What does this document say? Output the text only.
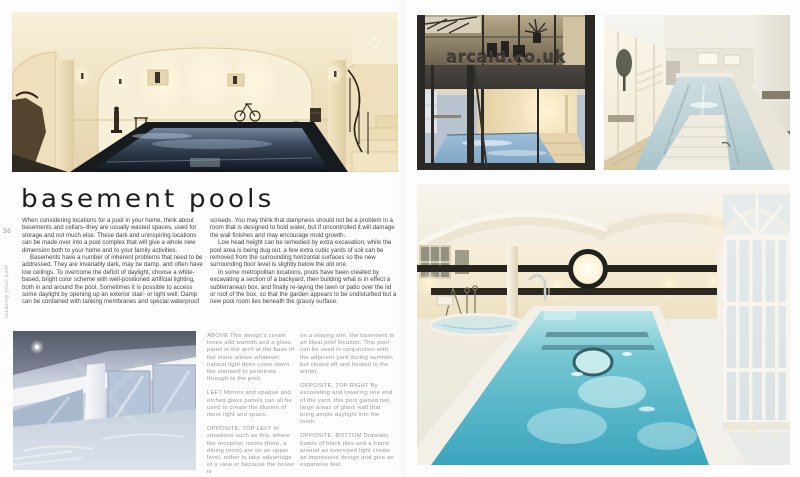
basement pools
36
locating your pool

When considering locations for a pool in your home, think about basements and cellars–they are usually wasted spaces, used for storage and not much else. These dark and uninspiring locations can be made over into a pool complex that will give a whole new dimension both to your home and to your family activities.

Basements have a number of inherent problems that need to be addressed. They are invariably dark, may be damp, and often have low ceilings. To overcome the deficit of daylight, choose a white-based, bright color scheme with well-positioned artificial lighting, both in and around the pool. Sometimes it is possible to access some daylight by opening up an exterior stair- or light well. Damp can be contained with tanking membranes and special waterproof

screeds. You may think that dampness should not be a problem in a room that is designed to hold water, but if uncontrolled it will damage the wall finishes and may encourage mold growth.

Low head height can be remedied by extra excavation; while the pool area is being dug out, a few extra cubic yards of soil can be removed from the surrounding horizontal surfaces so the new surrounding floor level is slightly below the old one.

In some metropolitan locations, pools have been created by excavating a section of a backyard, then building what is in effect a subterranean box, and finally re-laying the lawn or patio over the lid or roof of the box, so that the garden appears to be undisturbed but a new pool room lies beneath the grassy surface.

ABOVE This design's cream tones add warmth and a glass panel in the arch at the base of the stairs allows whatever natural light does come down the stairwell to penetrate through to the pool.

LEFT Mirrors and opaque and etched glass panels can all be used to create the illusion of more light and space.

OPPOSITE, TOP LEFT In situations such as this, where the reception rooms (here, a dining room) are on an upper level, either to take advantage of a view or because the house is

on a sloping site, the basement is an ideal pool location. This pool can be used in conjunction with the adjacent yard during summer, but closed off and heated in the winter.

OPPOSITE, TOP RIGHT By excavating and lowering one end of the yard, this pool gained two large areas of glass wall that bring ample daylight into the room.

OPPOSITE, BOTTOM Dramatic bands of black tiles and a frame around an oversized light create an impressive design and give an expansive feel.

arcaid.co.uk
